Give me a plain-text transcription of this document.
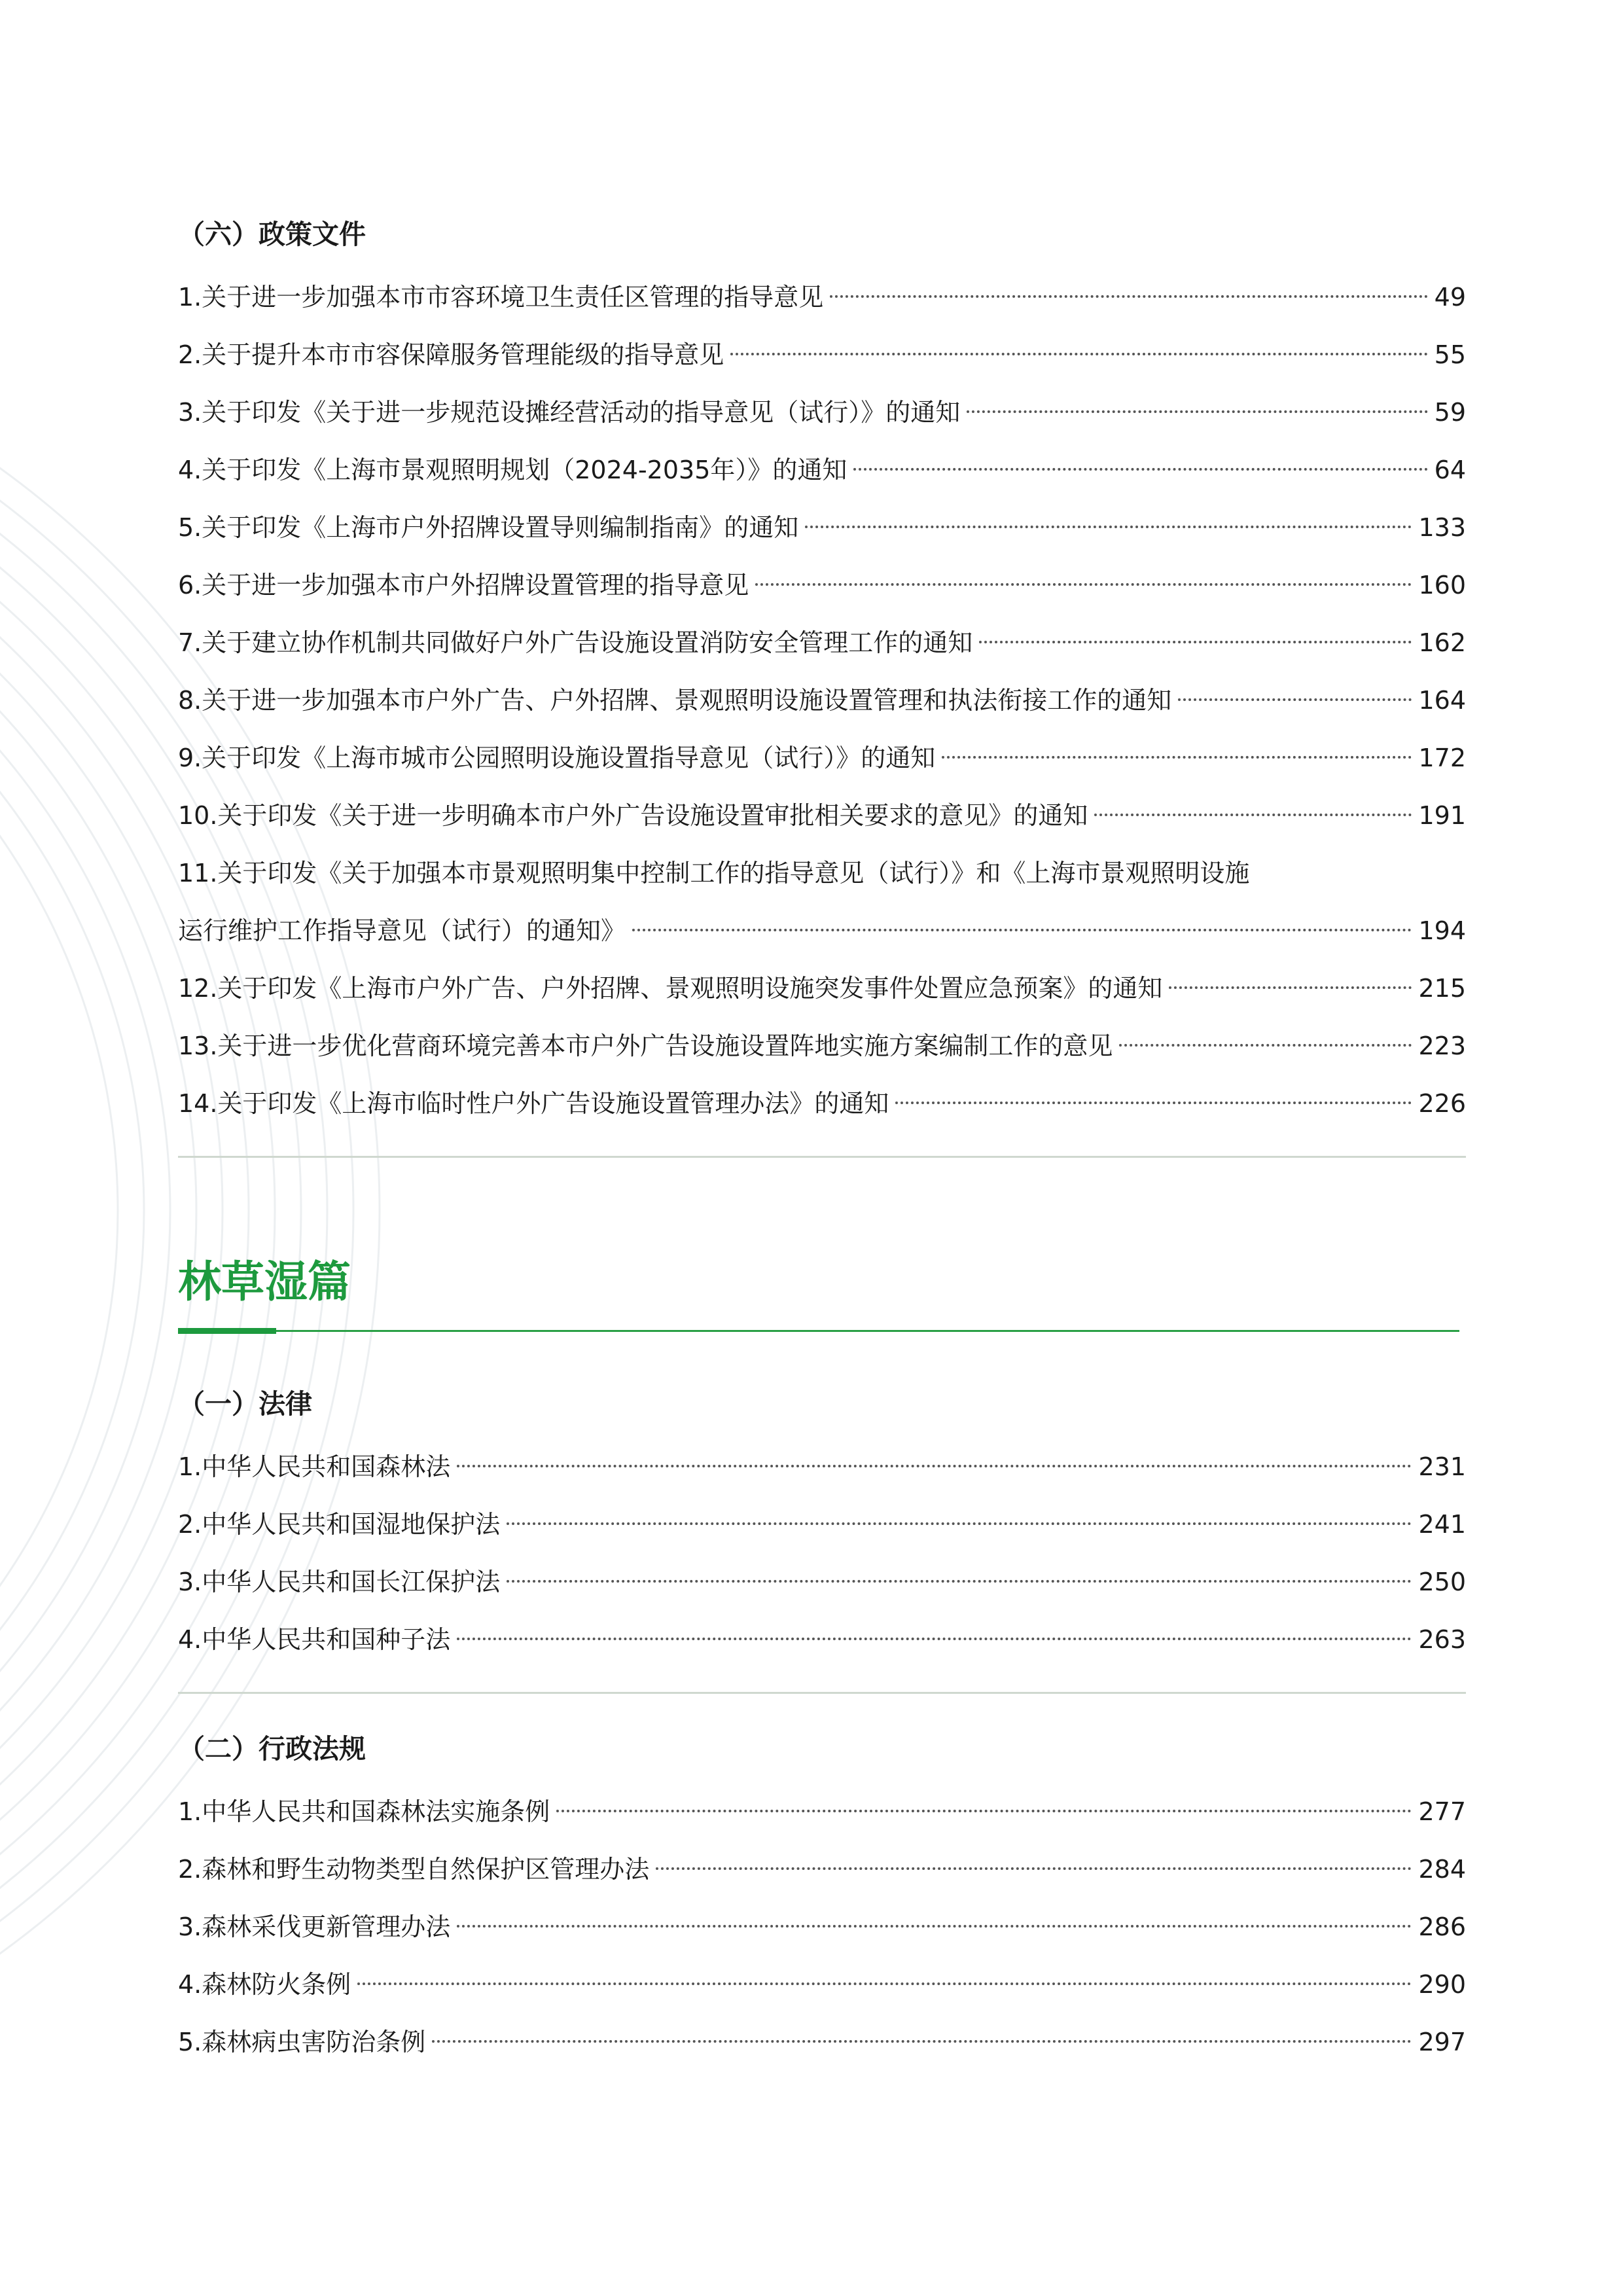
（六）政策文件
1.关于进一步加强本市市容环境卫生责任区管理的指导意见	49
2.关于提升本市市容保障服务管理能级的指导意见	55
3.关于印发《关于进一步规范设摊经营活动的指导意见（试行）》的通知	59
4.关于印发《上海市景观照明规划（2024-2035年）》的通知	64
5.关于印发《上海市户外招牌设置导则编制指南》的通知	133
6.关于进一步加强本市户外招牌设置管理的指导意见	160
7.关于建立协作机制共同做好户外广告设施设置消防安全管理工作的通知	162
8.关于进一步加强本市户外广告、户外招牌、景观照明设施设置管理和执法衔接工作的通知	164
9.关于印发《上海市城市公园照明设施设置指导意见（试行）》的通知	172
10.关于印发《关于进一步明确本市户外广告设施设置审批相关要求的意见》的通知	191
11.关于印发《关于加强本市景观照明集中控制工作的指导意见（试行）》和《上海市景观照明设施
运行维护工作指导意见（试行）的通知》	194
12.关于印发《上海市户外广告、户外招牌、景观照明设施突发事件处置应急预案》的通知	215
13.关于进一步优化营商环境完善本市户外广告设施设置阵地实施方案编制工作的意见	223
14.关于印发《上海市临时性户外广告设施设置管理办法》的通知	226
林草湿篇
（一）法律
1.中华人民共和国森林法	231
2.中华人民共和国湿地保护法	241
3.中华人民共和国长江保护法	250
4.中华人民共和国种子法	263
（二）行政法规
1.中华人民共和国森林法实施条例	277
2.森林和野生动物类型自然保护区管理办法	284
3.森林采伐更新管理办法	286
4.森林防火条例	290
5.森林病虫害防治条例	297
